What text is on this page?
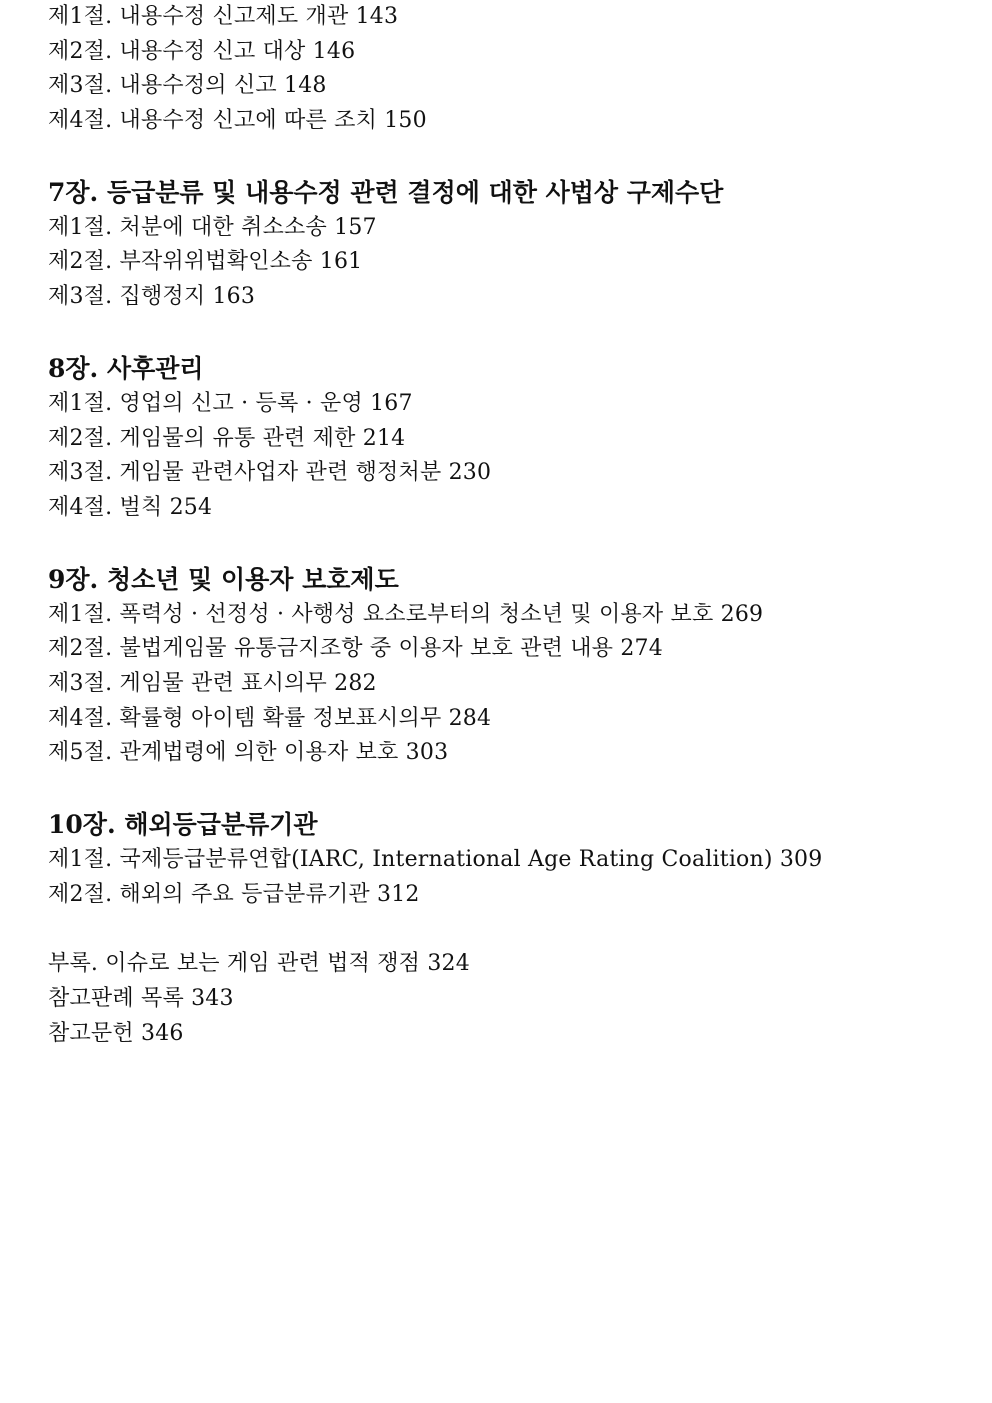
제1절. 내용수정 신고제도 개관 143
제2절. 내용수정 신고 대상 146
제3절. 내용수정의 신고 148
제4절. 내용수정 신고에 따른 조치 150
7장. 등급분류 및 내용수정 관련 결정에 대한 사법상 구제수단
제1절. 처분에 대한 취소소송 157
제2절. 부작위위법확인소송 161
제3절. 집행정지 163
8장. 사후관리
제1절. 영업의 신고 · 등록 · 운영 167
제2절. 게임물의 유통 관련 제한 214
제3절. 게임물 관련사업자 관련 행정처분 230
제4절. 벌칙 254
9장. 청소년 및 이용자 보호제도
제1절. 폭력성 · 선정성 · 사행성 요소로부터의 청소년 및 이용자 보호 269
제2절. 불법게임물 유통금지조항 중 이용자 보호 관련 내용 274
제3절. 게임물 관련 표시의무 282
제4절. 확률형 아이템 확률 정보표시의무 284
제5절. 관계법령에 의한 이용자 보호 303
10장. 해외등급분류기관
제1절. 국제등급분류연합(IARC, International Age Rating Coalition) 309
제2절. 해외의 주요 등급분류기관 312
부록. 이슈로 보는 게임 관련 법적 쟁점 324
참고판례 목록 343
참고문헌 346
